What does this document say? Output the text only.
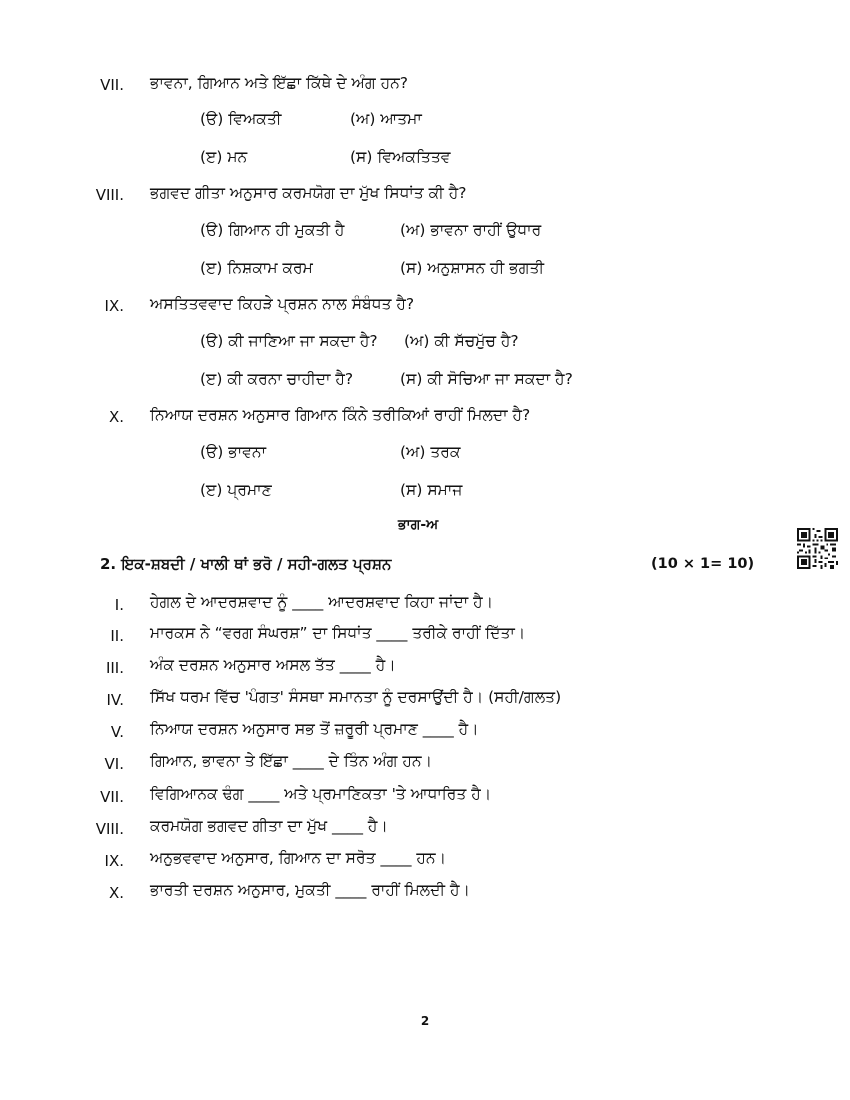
VII. ਭਾਵਨਾ, ਗਿਆਨ ਅਤੇ ਇੱਛਾ ਕਿੱਥੇ ਦੇ ਅੰਗ ਹਨ?
(ੳ) ਵਿਅਕਤੀ	(ਅ) ਆਤਮਾ
(ੲ) ਮਨ	(ਸ) ਵਿਅਕਤਿਤਵ
VIII. ਭਗਵਦ ਗੀਤਾ ਅਨੁਸਾਰ ਕਰਮਯੋਗ ਦਾ ਮੁੱਖ ਸਿਧਾਂਤ ਕੀ ਹੈ?
(ੳ) ਗਿਆਨ ਹੀ ਮੁਕਤੀ ਹੈ	(ਅ) ਭਾਵਨਾ ਰਾਹੀਂ ਉਧਾਰ
(ੲ) ਨਿਸ਼ਕਾਮ ਕਰਮ	(ਸ) ਅਨੁਸ਼ਾਸਨ ਹੀ ਭਗਤੀ
IX. ਅਸਤਿਤਵਵਾਦ ਕਿਹੜੇ ਪ੍ਰਸ਼ਨ ਨਾਲ ਸੰਬੰਧਤ ਹੈ?
(ੳ) ਕੀ ਜਾਣਿਆ ਜਾ ਸਕਦਾ ਹੈ? (ਅ) ਕੀ ਸੱਚਮੁੱਚ ਹੈ?
(ੲ) ਕੀ ਕਰਨਾ ਚਾਹੀਦਾ ਹੈ?	(ਸ) ਕੀ ਸੋਚਿਆ ਜਾ ਸਕਦਾ ਹੈ?
X. ਨਿਆਯ ਦਰਸ਼ਨ ਅਨੁਸਾਰ ਗਿਆਨ ਕਿੰਨੇ ਤਰੀਕਿਆਂ ਰਾਹੀਂ ਮਿਲਦਾ ਹੈ?
(ੳ) ਭਾਵਨਾ	(ਅ) ਤਰਕ
(ੲ) ਪ੍ਰਮਾਣ	(ਸ) ਸਮਾਜ
ਭਾਗ-ਅ
2. ਇਕ-ਸ਼ਬਦੀ / ਖਾਲੀ ਥਾਂ ਭਰੋ / ਸਹੀ-ਗਲਤ ਪ੍ਰਸ਼ਨ	(10 × 1= 10)
I. ਹੇਗਲ ਦੇ ਆਦਰਸ਼ਵਾਦ ਨੂੰ ____ ਆਦਰਸ਼ਵਾਦ ਕਿਹਾ ਜਾਂਦਾ ਹੈ।
II. ਮਾਰਕਸ ਨੇ “ਵਰਗ ਸੰਘਰਸ਼” ਦਾ ਸਿਧਾਂਤ ____ ਤਰੀਕੇ ਰਾਹੀਂ ਦਿੱਤਾ।
III. ਅੰਕ ਦਰਸ਼ਨ ਅਨੁਸਾਰ ਅਸਲ ਤੱਤ ____ ਹੈ।
IV. ਸਿੱਖ ਧਰਮ ਵਿੱਚ 'ਪੰਗਤ' ਸੰਸਥਾ ਸਮਾਨਤਾ ਨੂੰ ਦਰਸਾਉਂਦੀ ਹੈ। (ਸਹੀ/ਗਲਤ)
V. ਨਿਆਯ ਦਰਸ਼ਨ ਅਨੁਸਾਰ ਸਭ ਤੋਂ ਜ਼ਰੂਰੀ ਪ੍ਰਮਾਣ ____ ਹੈ।
VI. ਗਿਆਨ, ਭਾਵਨਾ ਤੇ ਇੱਛਾ ____ ਦੇ ਤਿੰਨ ਅੰਗ ਹਨ।
VII. ਵਿਗਿਆਨਕ ਢੰਗ ____ ਅਤੇ ਪ੍ਰਮਾਣਿਕਤਾ 'ਤੇ ਆਧਾਰਿਤ ਹੈ।
VIII. ਕਰਮਯੋਗ ਭਗਵਦ ਗੀਤਾ ਦਾ ਮੁੱਖ ____ ਹੈ।
IX. ਅਨੁਭਵਵਾਦ ਅਨੁਸਾਰ, ਗਿਆਨ ਦਾ ਸਰੋਤ ____ ਹਨ।
X. ਭਾਰਤੀ ਦਰਸ਼ਨ ਅਨੁਸਾਰ, ਮੁਕਤੀ ____ ਰਾਹੀਂ ਮਿਲਦੀ ਹੈ।
2
